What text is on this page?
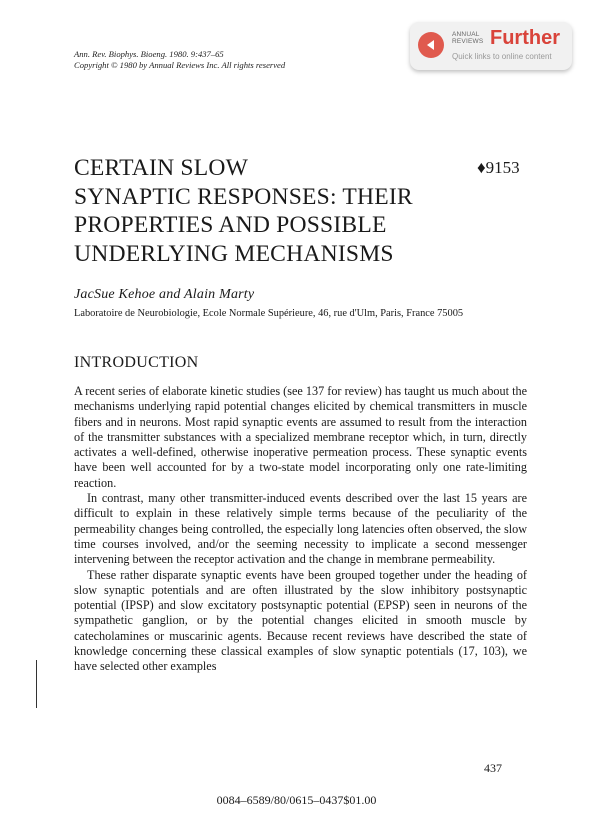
Ann. Rev. Biophys. Bioeng. 1980. 9:437–65
Copyright © 1980 by Annual Reviews Inc. All rights reserved
ANNUAL
REVIEWS Further
Quick links to online content
CERTAIN SLOW
SYNAPTIC RESPONSES: THEIR
PROPERTIES AND POSSIBLE
UNDERLYING MECHANISMS
♦9153
JacSue Kehoe and Alain Marty
Laboratoire de Neurobiologie, Ecole Normale Supérieure, 46, rue d'Ulm, Paris, France 75005
INTRODUCTION

A recent series of elaborate kinetic studies (see 137 for review) has taught us much about the mechanisms underlying rapid potential changes elicited by chemical transmitters in muscle fibers and in neurons. Most rapid synaptic events are assumed to result from the interaction of the transmitter substances with a specialized membrane receptor which, in turn, directly activates a well-defined, otherwise inoperative permeation process. These synaptic events have been well accounted for by a two-state model incorporating only one rate-limiting reaction.

In contrast, many other transmitter-induced events described over the last 15 years are difficult to explain in these relatively simple terms because of the peculiarity of the permeability changes being controlled, the especially long latencies often observed, the slow time courses involved, and/or the seeming necessity to implicate a second messenger intervening between the receptor activation and the change in membrane permeability.

These rather disparate synaptic events have been grouped together under the heading of slow synaptic potentials and are often illustrated by the slow inhibitory postsynaptic potential (IPSP) and slow excitatory postsynaptic potential (EPSP) seen in neurons of the sympathetic ganglion, or by the potential changes elicited in smooth muscle by catecholamines or muscarinic agents. Because recent reviews have described the state of knowledge concerning these classical examples of slow synaptic potentials (17, 103), we have selected other examples

437
0084–6589/80/0615–0437$01.00
